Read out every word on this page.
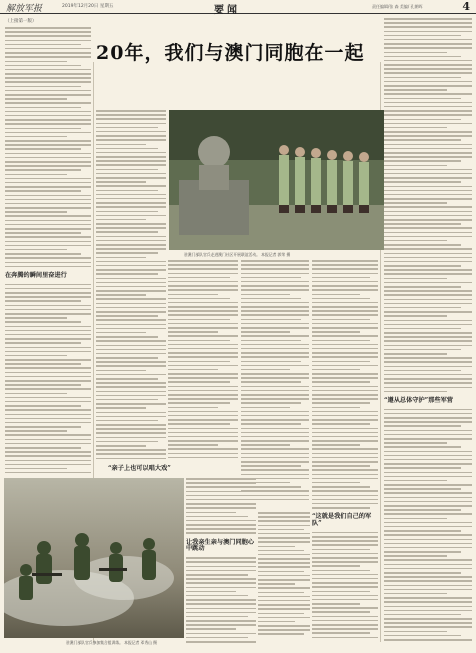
解放军报	2019年12月20日 星期五	要闻	责任编辑/张 森 美编/ 孔朝晖	4
20年，我们与澳门同胞在一起
（上接第一版）
在奔腾的瞬间里奋进行
驻澳门部队官兵参加集合组训练。 本报记者 邓秀山 摄
驻澳门部队官兵走进澳门社区开展联谊活动。 本报记者 郭荣 摄
“亲子上也可以唱大戏”
“这就是我们自己的军队”
让我亲生亲与澳门同胞心中跳动
“遵从总体守护”那些军营
